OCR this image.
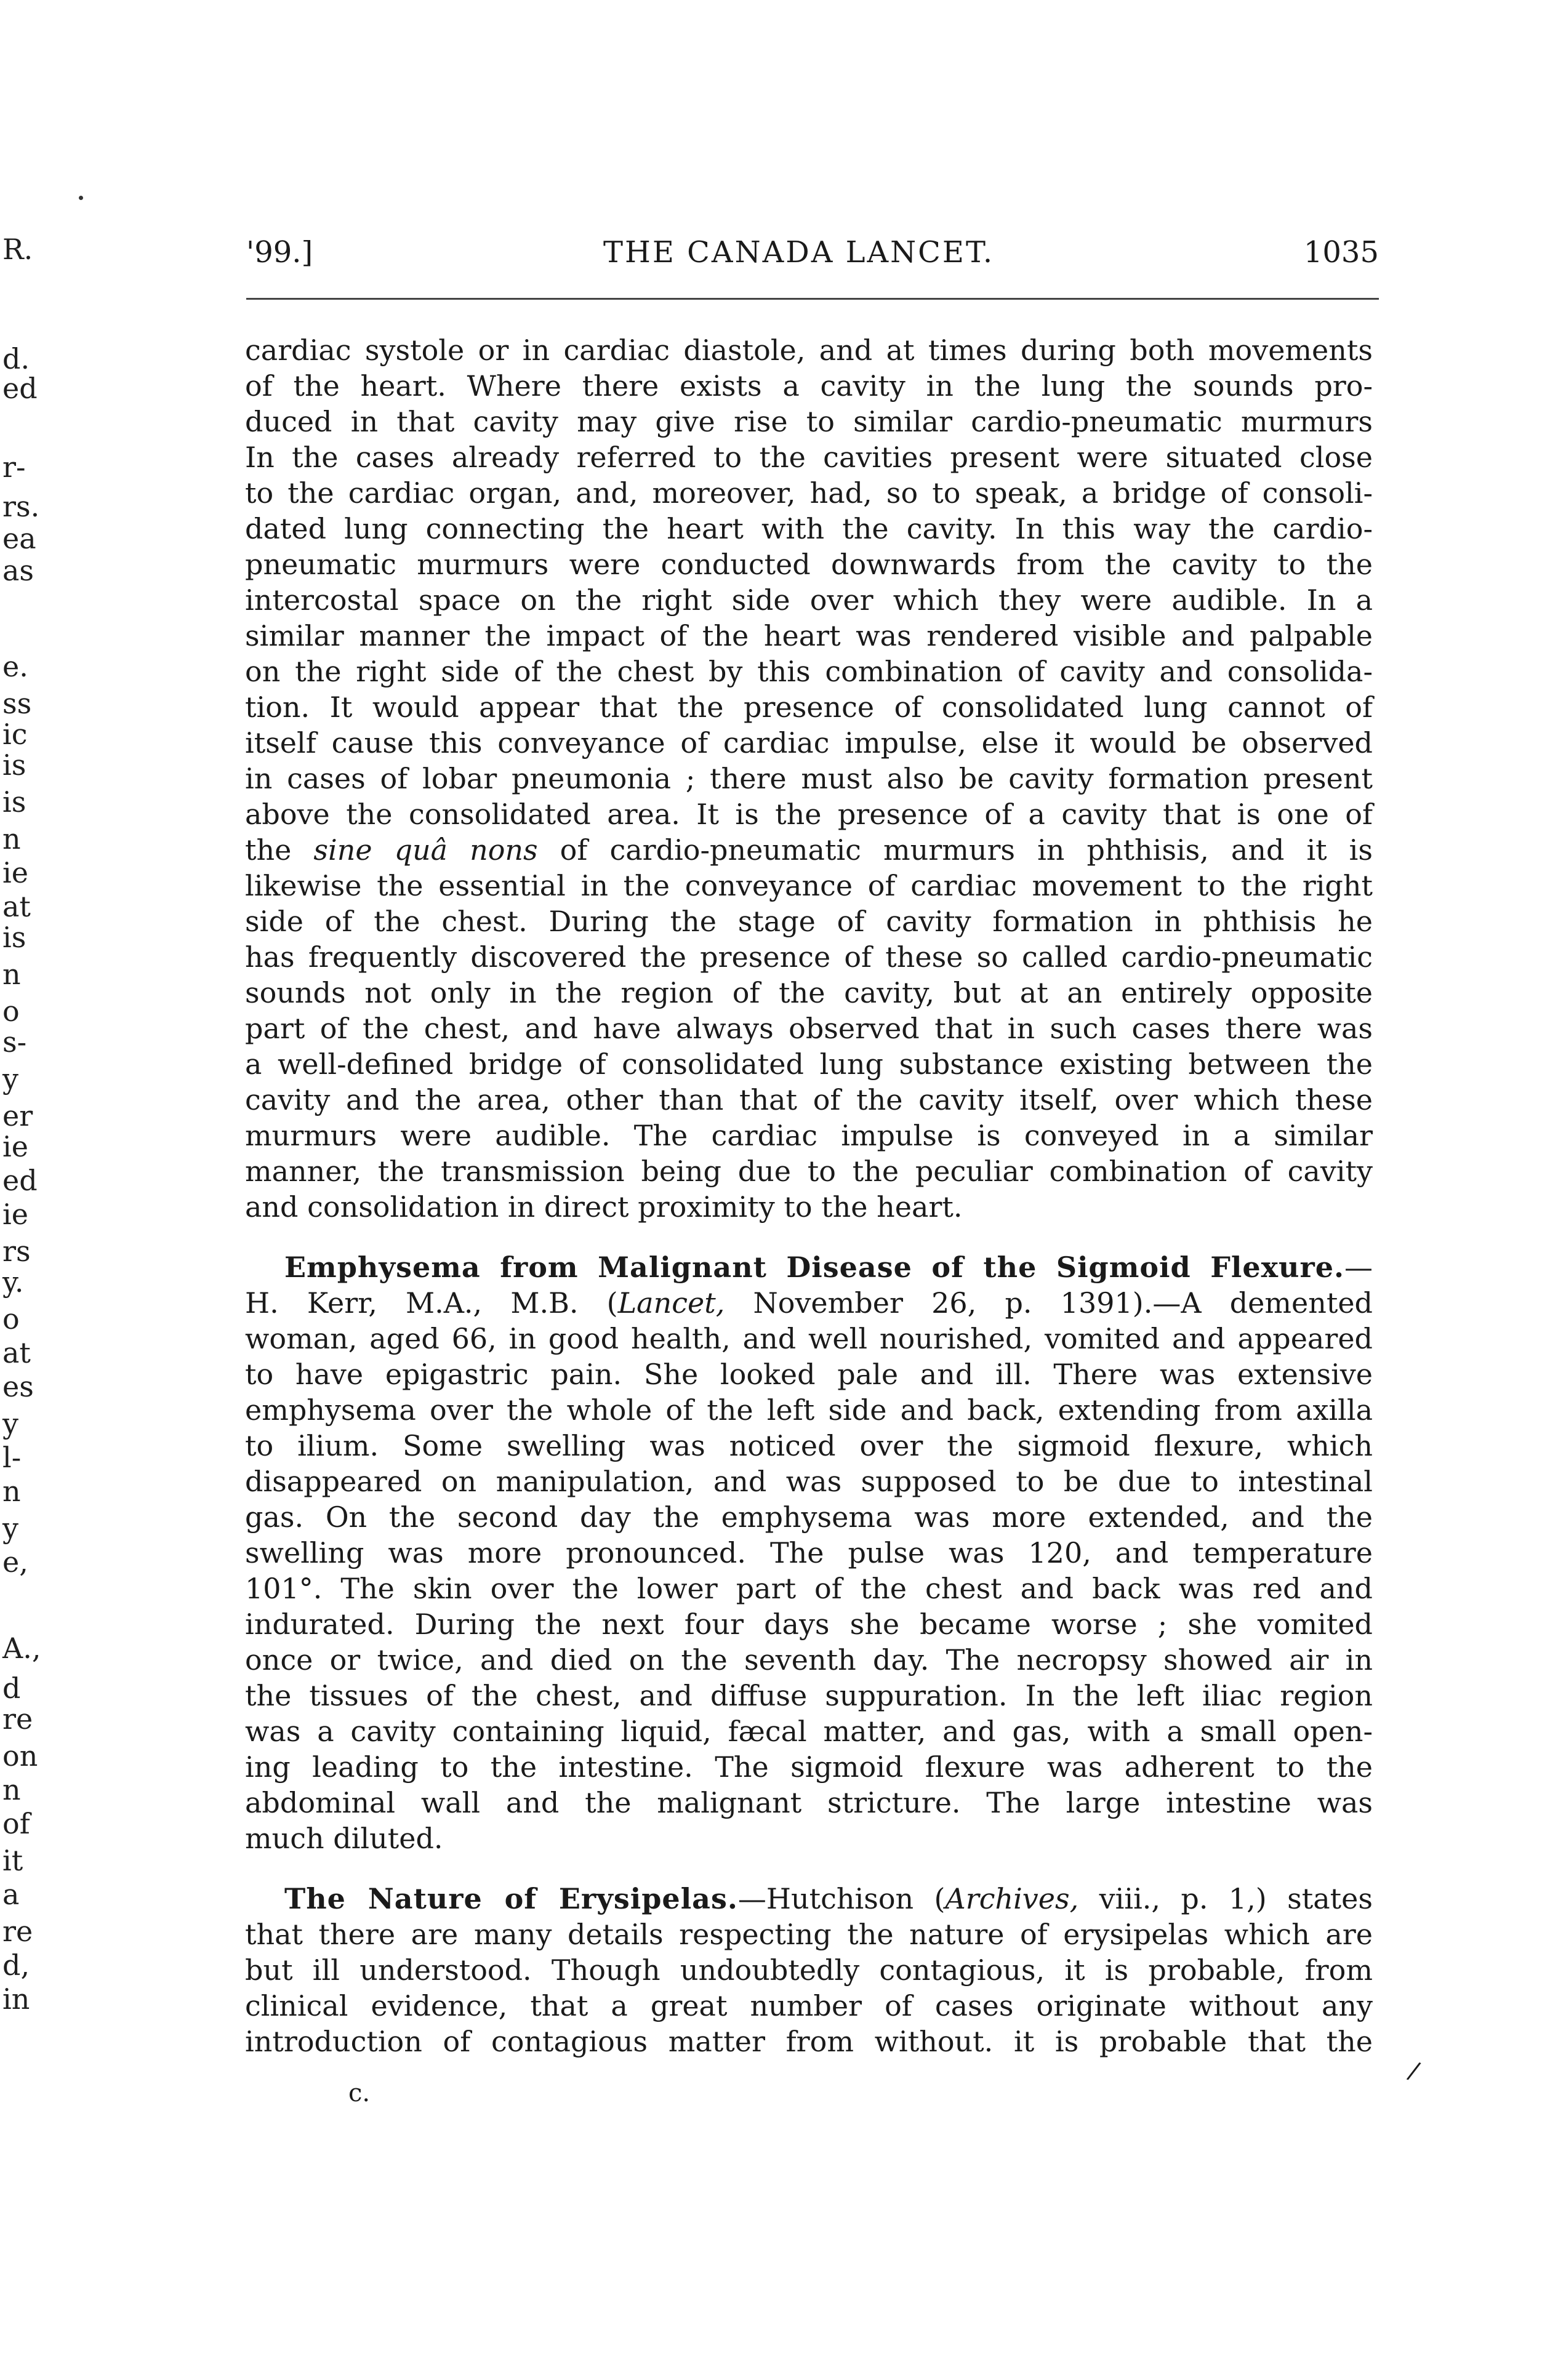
R.
d.
ed
r-
rs.
ea
as
e.
ss
ic
is
is
n
ie
at
is
n
o
s-
y
er
ie
ed
ie
rs
y.
o
at
es
y
l-
n
y
e,
A.,
d
re
on
n
of
it
a
re
d,
in
'99.]	THE CANADA LANCET.	1035
cardiac systole or in cardiac diastole, and at times during both movements
of the heart. Where there exists a cavity in the lung the sounds pro-
duced in that cavity may give rise to similar cardio-pneumatic murmurs
In the cases already referred to the cavities present were situated close
to the cardiac organ, and, moreover, had, so to speak, a bridge of consoli-
dated lung connecting the heart with the cavity. In this way the cardio-
pneumatic murmurs were conducted downwards from the cavity to the
intercostal space on the right side over which they were audible. In a
similar manner the impact of the heart was rendered visible and palpable
on the right side of the chest by this combination of cavity and consolida-
tion. It would appear that the presence of consolidated lung cannot of
itself cause this conveyance of cardiac impulse, else it would be observed
in cases of lobar pneumonia ; there must also be cavity formation present
above the consolidated area. It is the presence of a cavity that is one of
the sine quâ nons of cardio-pneumatic murmurs in phthisis, and it is
likewise the essential in the conveyance of cardiac movement to the right
side of the chest. During the stage of cavity formation in phthisis he
has frequently discovered the presence of these so called cardio-pneumatic
sounds not only in the region of the cavity, but at an entirely opposite
part of the chest, and have always observed that in such cases there was
a well-defined bridge of consolidated lung substance existing between the
cavity and the area, other than that of the cavity itself, over which these
murmurs were audible. The cardiac impulse is conveyed in a similar
manner, the transmission being due to the peculiar combination of cavity
and consolidation in direct proximity to the heart.
Emphysema from Malignant Disease of the Sigmoid Flexure.—
H. Kerr, M.A., M.B. (Lancet, November 26, p. 1391).—A demented
woman, aged 66, in good health, and well nourished, vomited and appeared
to have epigastric pain. She looked pale and ill. There was extensive
emphysema over the whole of the left side and back, extending from axilla
to ilium. Some swelling was noticed over the sigmoid flexure, which
disappeared on manipulation, and was supposed to be due to intestinal
gas. On the second day the emphysema was more extended, and the
swelling was more pronounced. The pulse was 120, and temperature
101°. The skin over the lower part of the chest and back was red and
indurated. During the next four days she became worse ; she vomited
once or twice, and died on the seventh day. The necropsy showed air in
the tissues of the chest, and diffuse suppuration. In the left iliac region
was a cavity containing liquid, fæcal matter, and gas, with a small open-
ing leading to the intestine. The sigmoid flexure was adherent to the
abdominal wall and the malignant stricture. The large intestine was
much diluted.
The Nature of Erysipelas.—Hutchison (Archives, viii., p. 1,) states
that there are many details respecting the nature of erysipelas which are
but ill understood. Though undoubtedly contagious, it is probable, from
clinical evidence, that a great number of cases originate without any
introduction of contagious matter from without. it is probable that the
c.
/
